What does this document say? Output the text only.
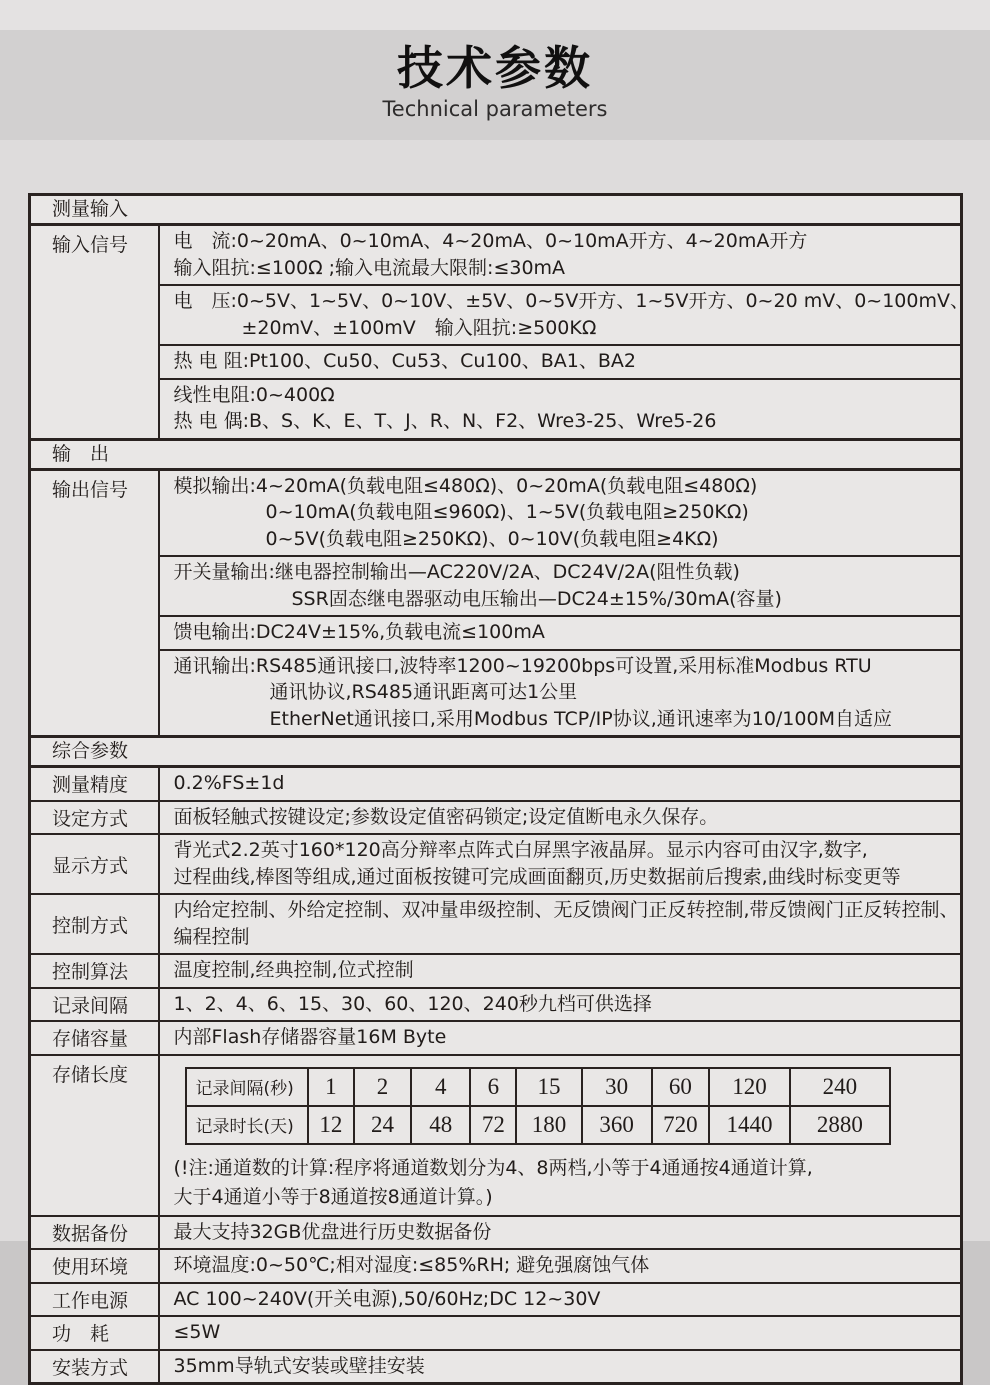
技术参数
Technical parameters
测量输入
输入信号	电　流:0~20mA、0~10mA、4~20mA、0~10mA开方、4~20mA开方
输入阻抗:≤100Ω ;输入电流最大限制:≤30mA

电　压:0~5V、1~5V、0~10V、±5V、0~5V开方、1~5V开方、0~20 mV、0~100mV、
±20mV、±100mV　输入阻抗:≥500KΩ

热 电 阻:Pt100、Cu50、Cu53、Cu100、BA1、BA2

线性电阻:0~400Ω
热 电 偶:B、S、K、E、T、J、R、N、F2、Wre3-25、Wre5-26

输　出
输出信号	模拟输出:4~20mA(负载电阻≤480Ω)、0~20mA(负载电阻≤480Ω)
0~10mA(负载电阻≤960Ω)、1~5V(负载电阻≥250KΩ)
0~5V(负载电阻≥250KΩ)、0~10V(负载电阻≥4KΩ)

开关量输出:继电器控制输出—AC220V/2A、DC24V/2A(阻性负载)
SSR固态继电器驱动电压输出—DC24±15%/30mA(容量)

馈电输出:DC24V±15%,负载电流≤100mA

通讯输出:RS485通讯接口,波特率1200~19200bps可设置,采用标准Modbus RTU
通讯协议,RS485通讯距离可达1公里
EtherNet通讯接口,采用Modbus TCP/IP协议,通讯速率为10/100M自适应

综合参数
测量精度	0.2%FS±1d

设定方式	面板轻触式按键设定;参数设定值密码锁定;设定值断电永久保存。

显示方式	
背光式2.2英寸160*120高分辩率点阵式白屏黑字液晶屏。显示内容可由汉字,数字,
过程曲线,棒图等组成,通过面板按键可完成画面翻页,历史数据前后搜索,曲线时标变更等

控制方式	
内给定控制、外给定控制、双冲量串级控制、无反馈阀门正反转控制,带反馈阀门正反转控制、
编程控制

控制算法	温度控制,经典控制,位式控制

记录间隔	1、2、4、6、15、30、60、120、240秒九档可供选择

存储容量	内部Flash存储器容量16M Byte

存储长度	
记录间隔(秒)	1	2	4	6	15	30	60	120	240
记录时长(天)	12	24	48	72	180	360	720	1440	2880
(!注:通道数的计算:程序将通道数划分为4、8两档,小等于4通通按4通道计算,
大于4通道小等于8通道按8通道计算。)

数据备份	最大支持32GB优盘进行历史数据备份

使用环境	环境温度:0~50℃;相对湿度:≤85%RH; 避免强腐蚀气体

工作电源	AC 100~240V(开关电源),50/60Hz;DC 12~30V

功　耗	≤5W

安装方式	35mm导轨式安装或壁挂安装
